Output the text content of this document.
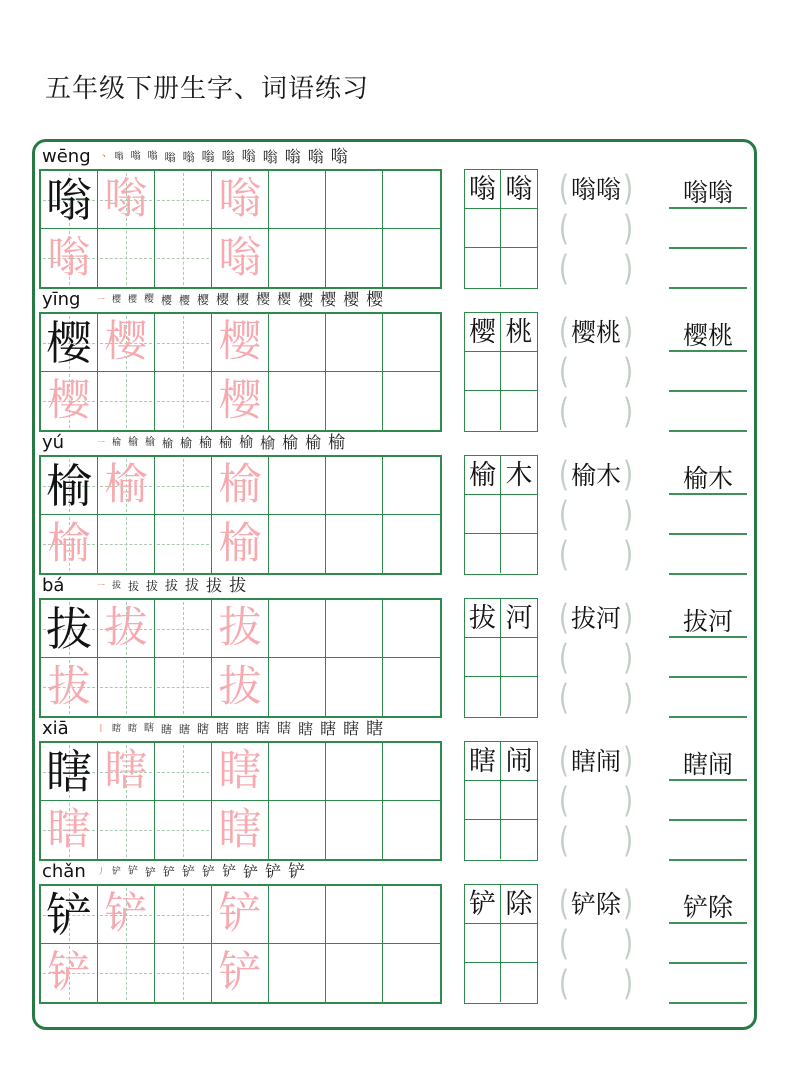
五年级下册生字、词语练习
wēng 丶 嗡 嗡 嗡 嗡 嗡 嗡 嗡 嗡 嗡 嗡 嗡 嗡
嗡 嗡 嗡
嗡	嗡
嗡 嗡 ( 嗡嗡 )
( )
( )
嗡嗡
yīng	一 樱 樱 樱 樱 樱 樱 樱 樱 樱 樱 樱 樱 樱 樱
樱 樱 樱
樱	樱
樱 桃 ( 樱桃 )
( )
( )
樱桃
yú	一 榆 榆 榆 榆 榆 榆 榆 榆 榆 榆 榆 榆
榆 榆 榆
榆	榆
榆 木 ( 榆木 )
( )
( )
榆木
bá	一 拔 拔 拔 拔 拔 拔 拔
拔 拔 拔
拔	拔
拔 河 ( 拔河 )
( )
( )
拔河
xiā	丨 瞎 瞎 瞎 瞎 瞎 瞎 瞎 瞎 瞎 瞎 瞎 瞎 瞎 瞎
瞎 瞎 瞎
瞎	瞎
瞎 闹 ( 瞎闹 )
( )
( )
瞎闹
chǎn 丿 铲 铲 铲 铲 铲 铲 铲 铲 铲 铲
铲 铲 铲
铲	铲
铲 除 ( 铲除 )
( )
( )
铲除
